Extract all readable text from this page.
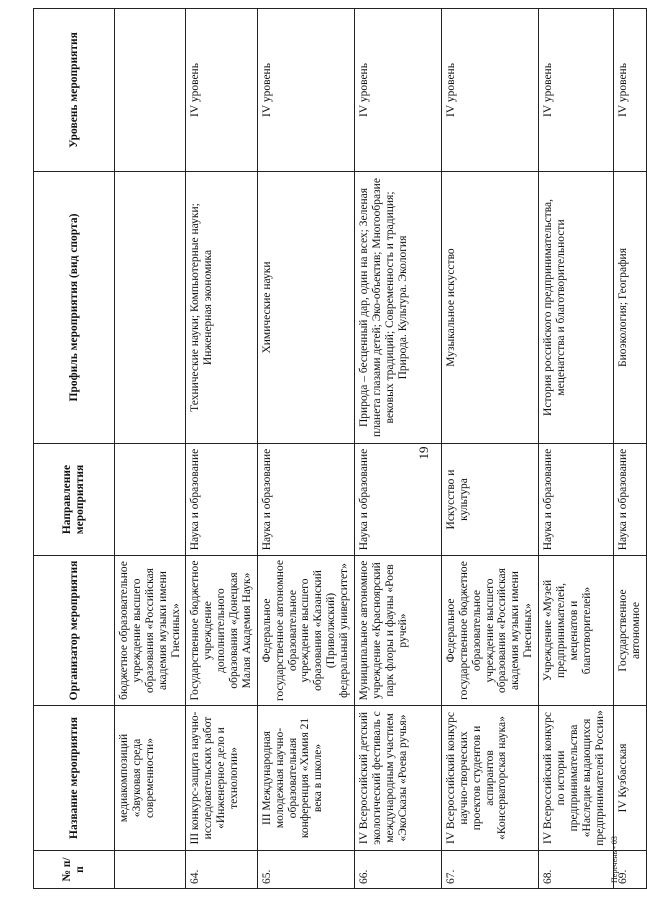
19
№ п/п	Название мероприятия	Организатор мероприятия	Направление мероприятия	Профиль мероприятия (вид спорта)	Уровень мероприятия
	медиакомпозиций «Звуковая среда современности»	бюджетное образовательное учреждение высшего образования «Российская академия музыки имени Гнесиных»			
64.	III конкурс-защита научно-исследовательских работ «Инженерное дело и технологии»	Государственное бюджетное учреждение дополнительного образования «Донецкая Малая Академия Наук»	Наука и образование	Технические науки; Компьютерные науки; Инженерная экономика	IV уровень
65.	III Международная молодежная научно-образовательная конференция «Химия 21 века в школе»	Федеральное государственное автономное образовательное учреждение высшего образования «Казанский (Приволжский) федеральный университет»	Наука и образование	Химические науки	IV уровень
66.	IV Всероссийский детский экологический фестиваль с международным участием «ЭкоСказы «Роева ручья»	Муниципальное автономное учреждение «Красноярский парк флоры и фауны «Роев ручей»	Наука и образование	Природа – бесценный дар, один на всех; Зеленая планета глазами детей; Эко-объектив; Многообразие вековых традиций; Современность и традиция; Природа. Культура. Экология	IV уровень
67.	IV Всероссийский конкурс научно-творческих проектов студентов и аспирантов «Консерваторская наука»	Федеральное государственное бюджетное образовательное учреждение высшего образования «Российская академия музыки имени Гнесиных»	Искусство и культура	Музыкальное искусство	IV уровень
68.	IV Всероссийский конкурс по истории предпринимательства «Наследие выдающихся предпринимателей России»	Учреждение «Музей предпринимателей, меценатов и благотворителей»	Наука и образование	История российского предпринимательства, меценатства и благотворительности	IV уровень
69.	IV Кузбасская	Государственное автономное	Наука и образование	Биоэкология; География	IV уровень
Перечень - 03
